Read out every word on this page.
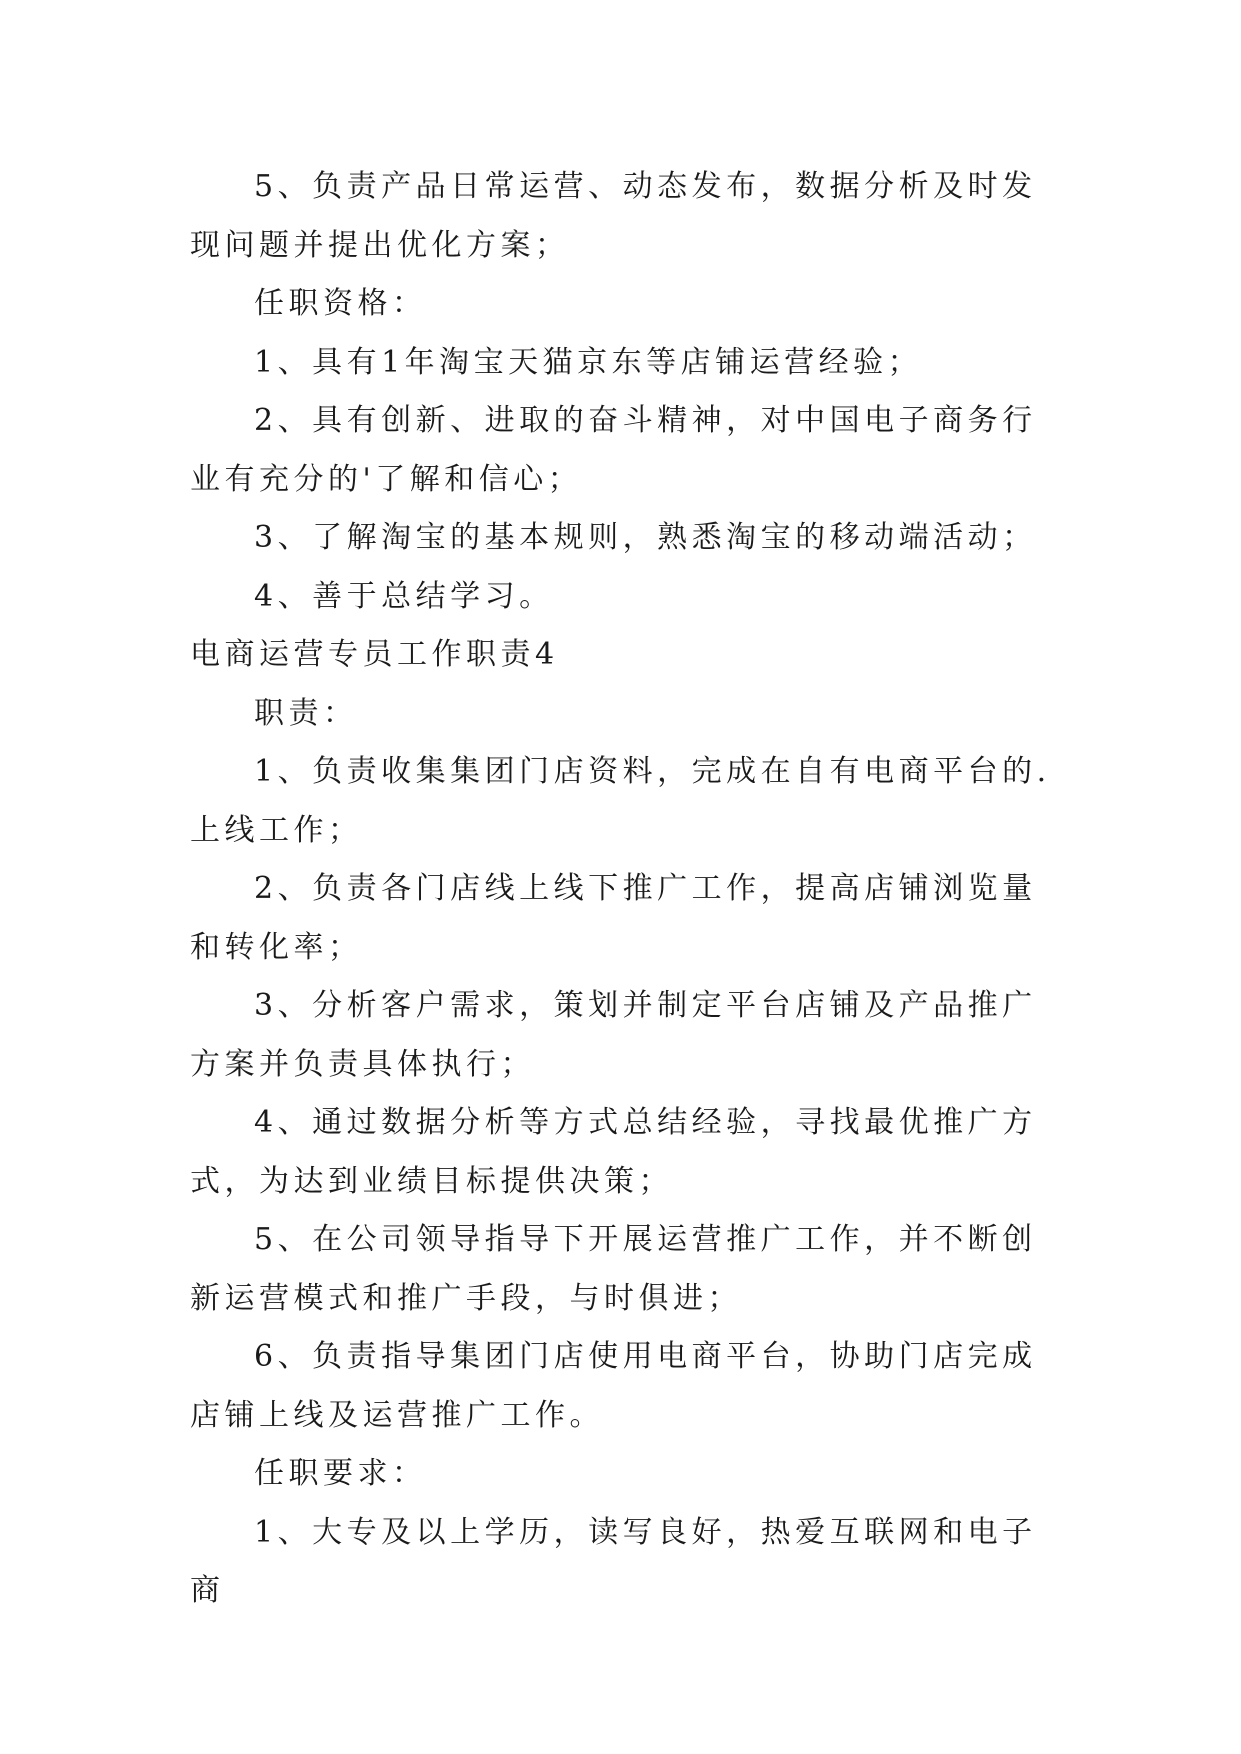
5、负责产品日常运营、动态发布，数据分析及时发现问题并提出优化方案；

任职资格：

1、具有1年淘宝天猫京东等店铺运营经验；

2、具有创新、进取的奋斗精神，对中国电子商务行业有充分的'了解和信心；

3、了解淘宝的基本规则，熟悉淘宝的移动端活动；

4、善于总结学习。

电商运营专员工作职责4

职责：

1、负责收集集团门店资料，完成在自有电商平台的.上线工作；

2、负责各门店线上线下推广工作，提高店铺浏览量和转化率；

3、分析客户需求，策划并制定平台店铺及产品推广方案并负责具体执行；

4、通过数据分析等方式总结经验，寻找最优推广方式，为达到业绩目标提供决策；

5、在公司领导指导下开展运营推广工作，并不断创新运营模式和推广手段，与时俱进；

6、负责指导集团门店使用电商平台，协助门店完成店铺上线及运营推广工作。

任职要求：

1、大专及以上学历，读写良好，热爱互联网和电子商
